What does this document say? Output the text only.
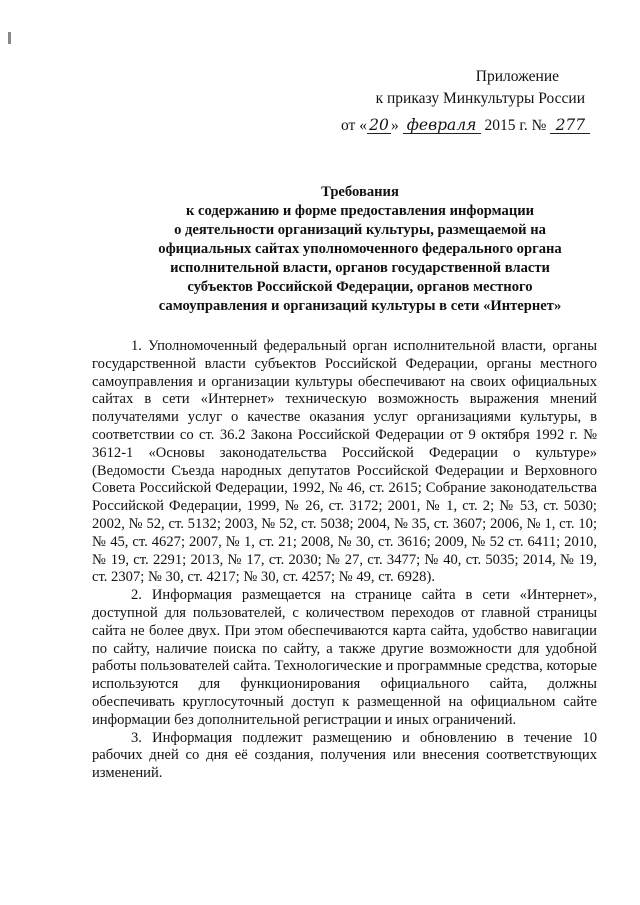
Приложение
к приказу Минкультуры России
от « 20 » февраля 2015 г. № 277
Требования
к содержанию и форме предоставления информации
о деятельности организаций культуры, размещаемой на
официальных сайтах уполномоченного федерального органа
исполнительной власти, органов государственной власти
субъектов Российской Федерации, органов местного
самоуправления и организаций культуры в сети «Интернет»

1. Уполномоченный федеральный орган исполнительной власти, органы государственной власти субъектов Российской Федерации, органы местного самоуправления и организации культуры обеспечивают на своих официальных сайтах в сети «Интернет» техническую возможность выражения мнений получателями услуг о качестве оказания услуг организациями культуры, в соответствии со ст. 36.2 Закона Российской Федерации от 9 октября 1992 г. № 3612-1 «Основы законодательства Российской Федерации о культуре» (Ведомости Съезда народных депутатов Российской Федерации и Верховного Совета Российской Федерации, 1992, № 46, ст. 2615; Собрание законодательства Российской Федерации, 1999, № 26, ст. 3172; 2001, № 1, ст. 2; № 53, ст. 5030; 2002, № 52, ст. 5132; 2003, № 52, ст. 5038; 2004, № 35, ст. 3607; 2006, № 1, ст. 10; № 45, ст. 4627; 2007, № 1, ст. 21; 2008, № 30, ст. 3616; 2009, № 52 ст. 6411; 2010, № 19, ст. 2291; 2013, № 17, ст. 2030; № 27, ст. 3477; № 40, ст. 5035; 2014, № 19, ст. 2307; № 30, ст. 4217; № 30, ст. 4257; № 49, ст. 6928).

2. Информация размещается на странице сайта в сети «Интернет», доступной для пользователей, с количеством переходов от главной страницы сайта не более двух. При этом обеспечиваются карта сайта, удобство навигации по сайту, наличие поиска по сайту, а также другие возможности для удобной работы пользователей сайта. Технологические и программные средства, которые используются для функционирования официального сайта, должны обеспечивать круглосуточный доступ к размещенной на официальном сайте информации без дополнительной регистрации и иных ограничений.

3. Информация подлежит размещению и обновлению в течение 10 рабочих дней со дня её создания, получения или внесения соответствующих изменений.
